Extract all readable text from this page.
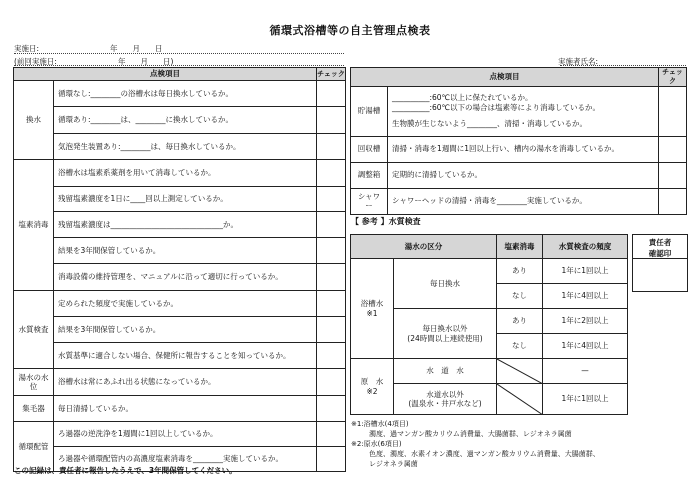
循環式浴槽等の自主管理点検表
実施日:	年　　月　　日
(前回実施日:	年　　月　　日)	実施者氏名:
点検項目		チェック
換水	循環なし:________の浴槽水は毎日換水しているか。	
	循環あり:________は、________に換水しているか。	
	気泡発生装置あり:________は、毎日換水しているか。	
塩素消毒	浴槽水は塩素系薬剤を用いて消毒しているか。	
	残留塩素濃度を1日に____回以上測定しているか。	
	残留塩素濃度は______________________________か。	
	結果を3年間保管しているか。	
	消毒設備の維持管理を、マニュアルに沿って適切に行っているか。	
水質検査	定められた頻度で実施しているか。	
	結果を3年間保管しているか。	
	水質基準に適合しない場合、保健所に報告することを知っているか。	
湯水の水位	浴槽水は常にあふれ出る状態になっているか。	
集毛器	毎日清掃しているか。	
循環配管	ろ過器の逆洗浄を1週間に1回以上しているか。	
	ろ過器や循環配管内の高濃度塩素消毒を________実施しているか。	
この記録は、責任者に報告したうえで、3年間保管してください。
点検項目		チェック
貯湯槽	__________:60℃以上に保たれているか。
__________:60℃以下の場合は塩素等により消毒しているか。
生物膜が生じないよう________、清掃・消毒しているか。	

回収槽	清掃・消毒を1週間に1回以上行い、槽内の湯水を消毒しているか。	
調整箱	定期的に清掃しているか。	
シャワー	シャワーヘッドの清掃・消毒を________実施しているか。	
【 参考 】水質検査
湯水の区分		塩素消毒	水質検査の頻度
浴槽水
※1	毎日換水	あり	1年に1回以上
		なし	1年に4回以上
	毎日換水以外
(24時間以上連続使用)	あり	1年に2回以上
		なし	1年に4回以上
原　水
※2	水　道　水		—
	水道水以外
(温泉水・井戸水など)		1年に1回以上
責任者
確認印
※1:浴槽水(4項目)
濁度、過マンガン酸カリウム消費量、大腸菌群、レジオネラ属菌
※2:原水(6項目)
色度、濁度、水素イオン濃度、過マンガン酸カリウム消費量、大腸菌群、
レジオネラ属菌
